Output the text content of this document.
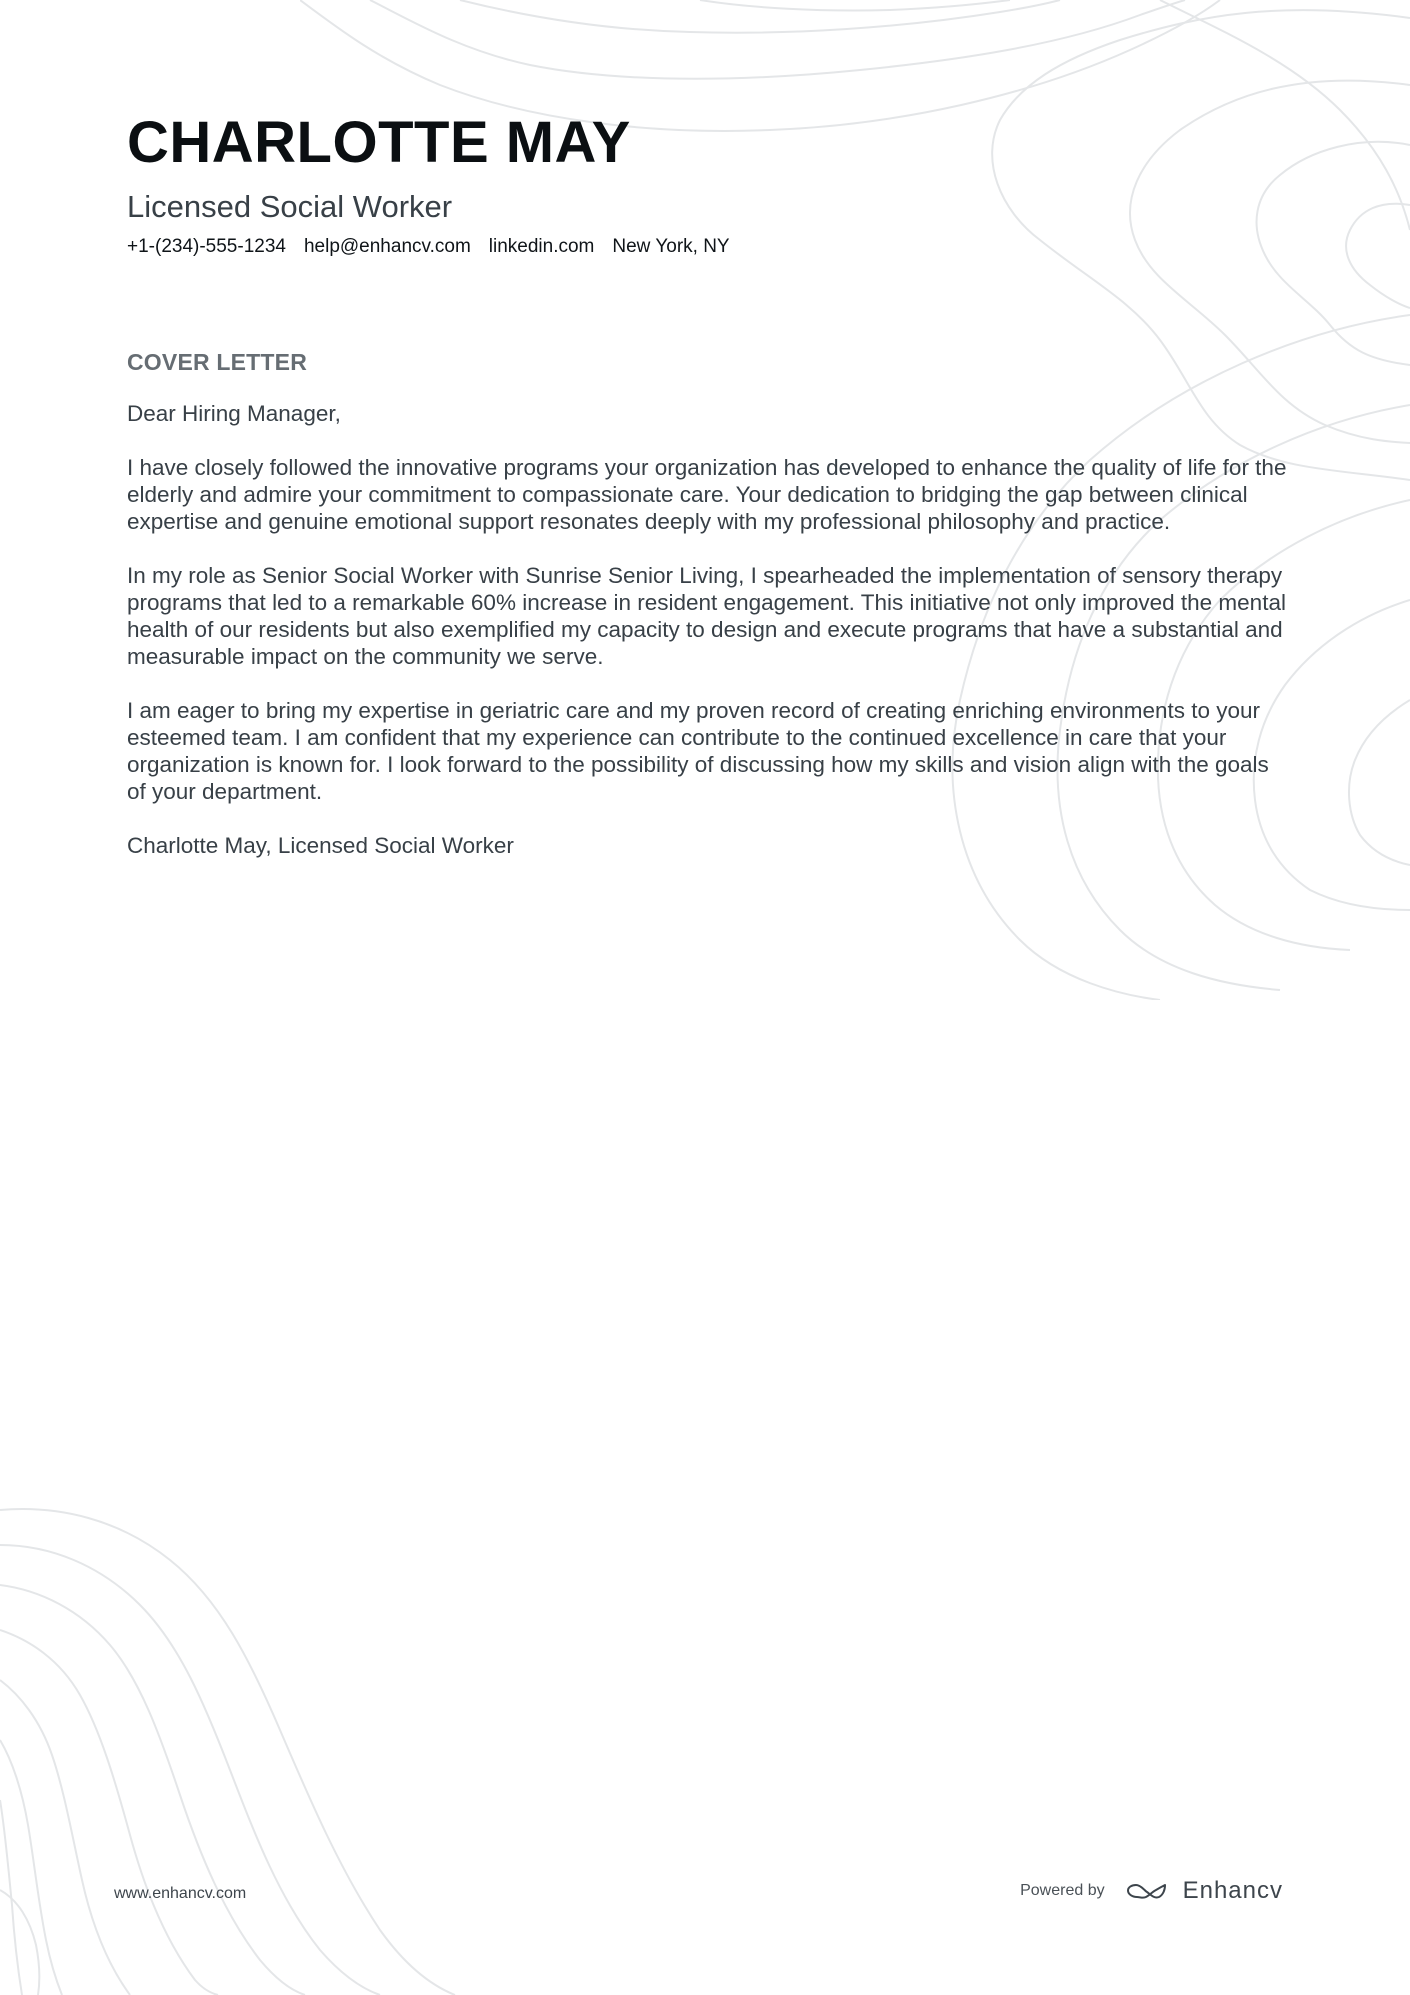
CHARLOTTE MAY
Licensed Social Worker
+1-(234)-555-1234 help@enhancv.com linkedin.com New York, NY
COVER LETTER

Dear Hiring Manager,

I have closely followed the innovative programs your organization has developed to enhance the quality of life for the elderly and admire your commitment to compassionate care. Your dedication to bridging the gap between clinical expertise and genuine emotional support resonates deeply with my professional philosophy and practice.

In my role as Senior Social Worker with Sunrise Senior Living, I spearheaded the implementation of sensory therapy programs that led to a remarkable 60% increase in resident engagement. This initiative not only improved the mental health of our residents but also exemplified my capacity to design and execute programs that have a substantial and measurable impact on the community we serve.

I am eager to bring my expertise in geriatric care and my proven record of creating enriching environments to your esteemed team. I am confident that my experience can contribute to the continued excellence in care that your organization is known for. I look forward to the possibility of discussing how my skills and vision align with the goals of your department.

Charlotte May, Licensed Social Worker

www.enhancv.com	Powered by	Enhancv
